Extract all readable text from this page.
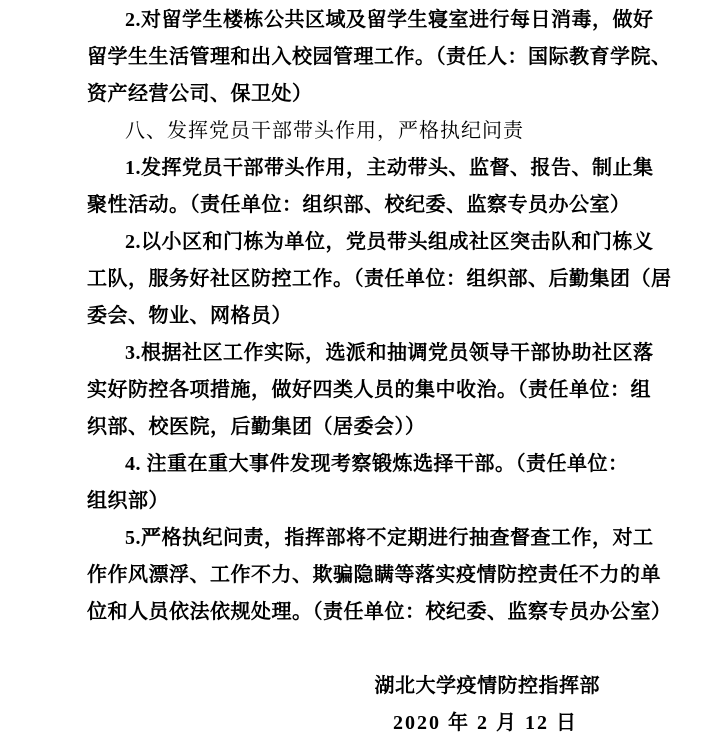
2.对留学生楼栋公共区域及留学生寝室进行每日消毒，做好
留学生生活管理和出入校园管理工作。（责任人：国际教育学院、
资产经营公司、保卫处）
八、发挥党员干部带头作用，严格执纪问责
1.发挥党员干部带头作用，主动带头、监督、报告、制止集
聚性活动。（责任单位：组织部、校纪委、监察专员办公室）
2.以小区和门栋为单位，党员带头组成社区突击队和门栋义
工队，服务好社区防控工作。（责任单位：组织部、后勤集团（居
委会、物业、网格员）
3.根据社区工作实际，选派和抽调党员领导干部协助社区落
实好防控各项措施，做好四类人员的集中收治。（责任单位：组
织部、校医院，后勤集团（居委会））
4. 注重在重大事件发现考察锻炼选择干部。（责任单位：
组织部）
5.严格执纪问责，指挥部将不定期进行抽查督查工作，对工
作作风漂浮、工作不力、欺骗隐瞒等落实疫情防控责任不力的单
位和人员依法依规处理。（责任单位：校纪委、监察专员办公室）
湖北大学疫情防控指挥部
2020 年 2 月 12 日
